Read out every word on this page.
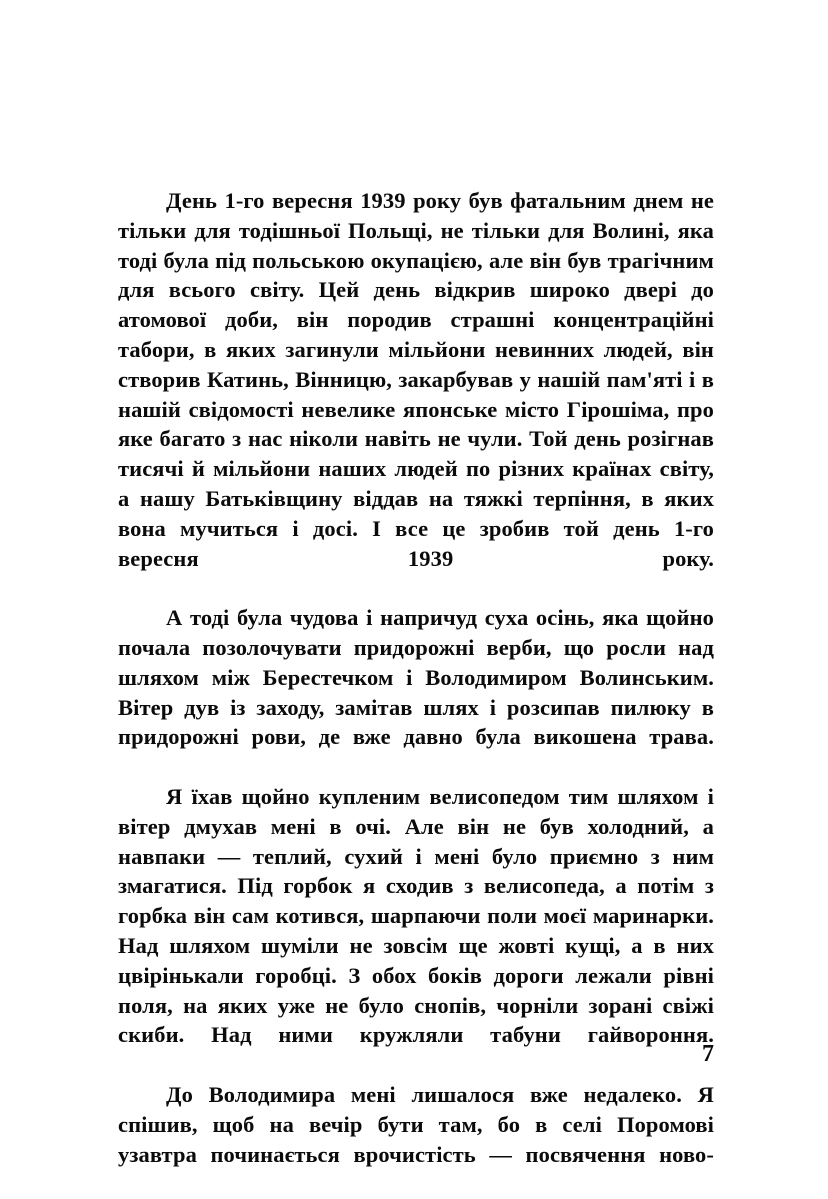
День 1-го вересня 1939 року був фатальним днем не тільки для тодішньої Польщі, не тільки для Волині, яка тоді була під польською окупацією, але він був трагічним для всього світу. Цей день відкрив широко двері до атомової доби, він породив страшні концентраційні табори, в яких загинули мільйони невинних людей, він створив Катинь, Вінницю, закарбував у нашій пам'яті і в нашій свідомості невелике японське місто Гірошіма, про яке багато з нас ніколи навіть не чули. Той день розігнав тисячі й мільйони наших людей по різних країнах світу, а нашу Батьківщину віддав на тяжкі терпіння, в яких вона мучиться і досі. І все це зробив той день 1-го вересня 1939 року.

А тоді була чудова і напричуд суха осінь, яка щойно почала позолочувати придорожні верби, що росли над шляхом між Берестечком і Володимиром Волинським. Вітер дув із заходу, замітав шлях і розсипав пилюку в придорожні рови, де вже давно була викошена трава.

Я їхав щойно купленим велисопедом тим шляхом і вітер дмухав мені в очі. Але він не був холодний, а навпаки — теплий, сухий і мені було приємно з ним змагатися. Під горбок я сходив з велисопеда, а потім з горбка він сам котився, шарпаючи поли моєї маринарки. Над шляхом шуміли не зовсім ще жовті кущі, а в них цвірінькали горобці. З обох боків дороги лежали рівні поля, на яких уже не було снопів, чорніли зорані свіжі скиби. Над ними кружляли табуни гайвороння.

До Володимира мені лишалося вже недалеко. Я спішив, щоб на вечір бути там, бо в селі Поромові узавтра починається врочистість — посвячення ново-

7
